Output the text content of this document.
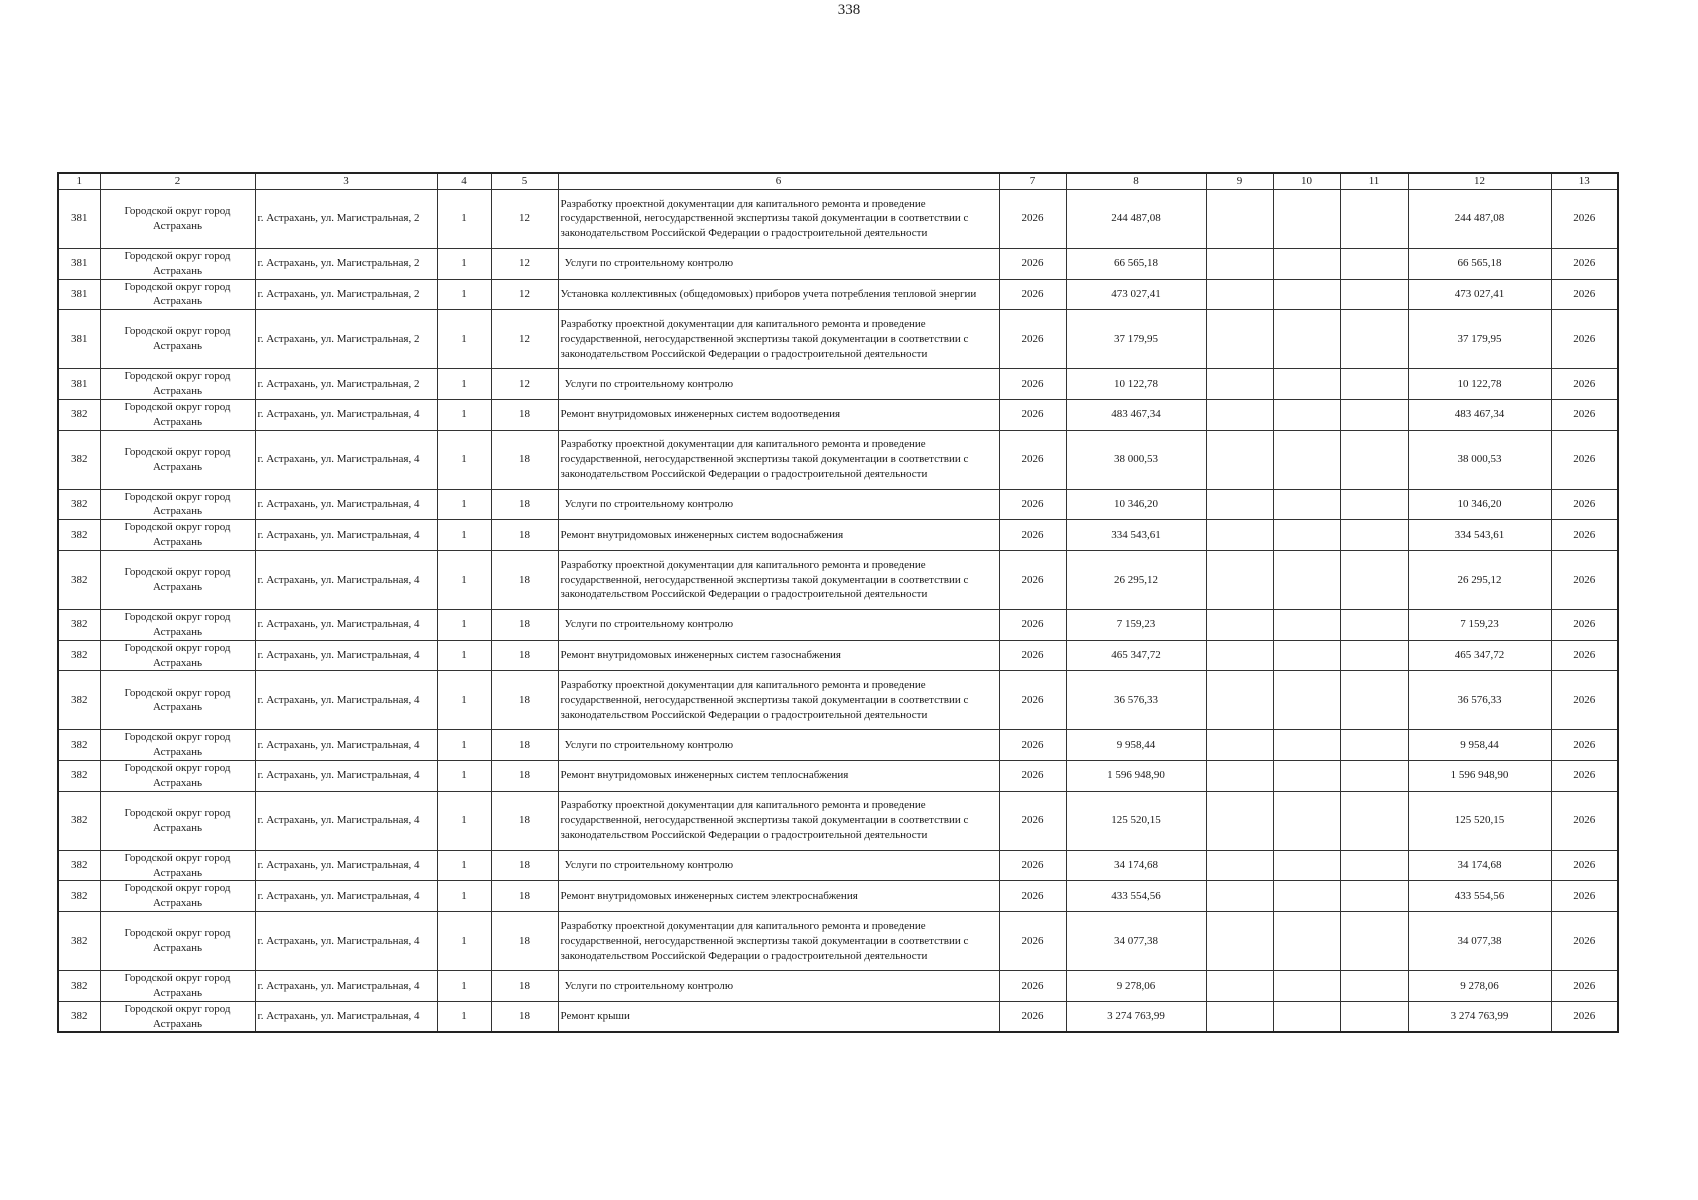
338
1	2	3	4	5	6	7	8	9	10	11	12	13
381	Городской округ город Астрахань	г. Астрахань, ул. Магистральная, 2	1	12	Разработку проектной документации для капитального ремонта и проведение государственной, негосударственной экспертизы такой документации в соответствии с законодательством Российской Федерации о градостроительной деятельности	2026	244 487,08				244 487,08	2026
381	Городской округ город Астрахань	г. Астрахань, ул. Магистральная, 2	1	12	Услуги по строительному контролю	2026	66 565,18				66 565,18	2026
381	Городской округ город Астрахань	г. Астрахань, ул. Магистральная, 2	1	12	Установка коллективных (общедомовых) приборов учета потребления тепловой энергии	2026	473 027,41				473 027,41	2026
381	Городской округ город Астрахань	г. Астрахань, ул. Магистральная, 2	1	12	Разработку проектной документации для капитального ремонта и проведение государственной, негосударственной экспертизы такой документации в соответствии с законодательством Российской Федерации о градостроительной деятельности	2026	37 179,95				37 179,95	2026
381	Городской округ город Астрахань	г. Астрахань, ул. Магистральная, 2	1	12	Услуги по строительному контролю	2026	10 122,78				10 122,78	2026
382	Городской округ город Астрахань	г. Астрахань, ул. Магистральная, 4	1	18	Ремонт внутридомовых инженерных систем водоотведения	2026	483 467,34				483 467,34	2026
382	Городской округ город Астрахань	г. Астрахань, ул. Магистральная, 4	1	18	Разработку проектной документации для капитального ремонта и проведение государственной, негосударственной экспертизы такой документации в соответствии с законодательством Российской Федерации о градостроительной деятельности	2026	38 000,53				38 000,53	2026
382	Городской округ город Астрахань	г. Астрахань, ул. Магистральная, 4	1	18	Услуги по строительному контролю	2026	10 346,20				10 346,20	2026
382	Городской округ город Астрахань	г. Астрахань, ул. Магистральная, 4	1	18	Ремонт внутридомовых инженерных систем водоснабжения	2026	334 543,61				334 543,61	2026
382	Городской округ город Астрахань	г. Астрахань, ул. Магистральная, 4	1	18	Разработку проектной документации для капитального ремонта и проведение государственной, негосударственной экспертизы такой документации в соответствии с законодательством Российской Федерации о градостроительной деятельности	2026	26 295,12				26 295,12	2026
382	Городской округ город Астрахань	г. Астрахань, ул. Магистральная, 4	1	18	Услуги по строительному контролю	2026	7 159,23				7 159,23	2026
382	Городской округ город Астрахань	г. Астрахань, ул. Магистральная, 4	1	18	Ремонт внутридомовых инженерных систем газоснабжения	2026	465 347,72				465 347,72	2026
382	Городской округ город Астрахань	г. Астрахань, ул. Магистральная, 4	1	18	Разработку проектной документации для капитального ремонта и проведение государственной, негосударственной экспертизы такой документации в соответствии с законодательством Российской Федерации о градостроительной деятельности	2026	36 576,33				36 576,33	2026
382	Городской округ город Астрахань	г. Астрахань, ул. Магистральная, 4	1	18	Услуги по строительному контролю	2026	9 958,44				9 958,44	2026
382	Городской округ город Астрахань	г. Астрахань, ул. Магистральная, 4	1	18	Ремонт внутридомовых инженерных систем теплоснабжения	2026	1 596 948,90				1 596 948,90	2026
382	Городской округ город Астрахань	г. Астрахань, ул. Магистральная, 4	1	18	Разработку проектной документации для капитального ремонта и проведение государственной, негосударственной экспертизы такой документации в соответствии с законодательством Российской Федерации о градостроительной деятельности	2026	125 520,15				125 520,15	2026
382	Городской округ город Астрахань	г. Астрахань, ул. Магистральная, 4	1	18	Услуги по строительному контролю	2026	34 174,68				34 174,68	2026
382	Городской округ город Астрахань	г. Астрахань, ул. Магистральная, 4	1	18	Ремонт внутридомовых инженерных систем электроснабжения	2026	433 554,56				433 554,56	2026
382	Городской округ город Астрахань	г. Астрахань, ул. Магистральная, 4	1	18	Разработку проектной документации для капитального ремонта и проведение государственной, негосударственной экспертизы такой документации в соответствии с законодательством Российской Федерации о градостроительной деятельности	2026	34 077,38				34 077,38	2026
382	Городской округ город Астрахань	г. Астрахань, ул. Магистральная, 4	1	18	Услуги по строительному контролю	2026	9 278,06				9 278,06	2026
382	Городской округ город Астрахань	г. Астрахань, ул. Магистральная, 4	1	18	Ремонт крыши	2026	3 274 763,99				3 274 763,99	2026
